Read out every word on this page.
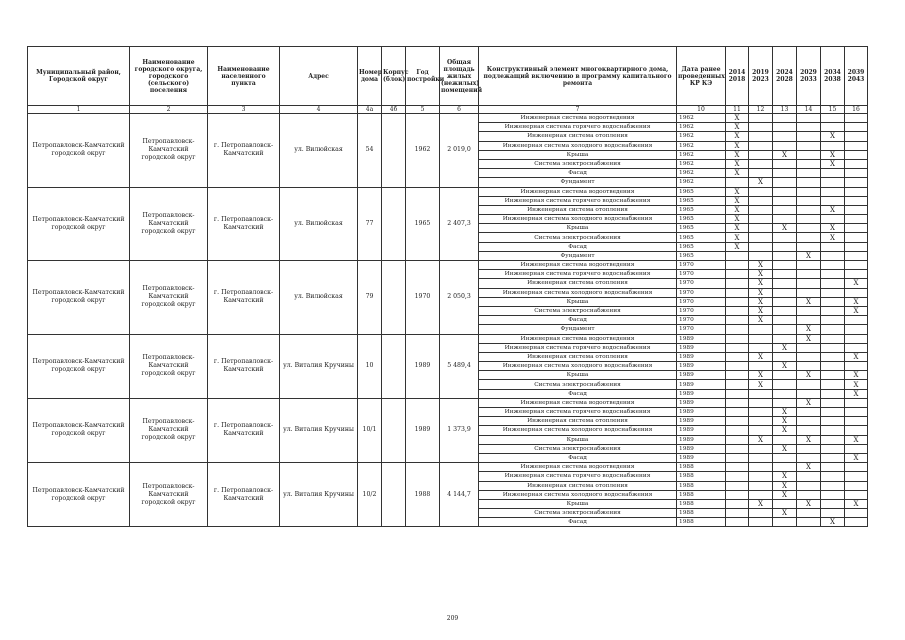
Муниципальный район, Городской округ	Наименование городского округа, городского (сельского) поселения	Наименование населенного пункта	Адрес	Номер дома	Корпус (блок)	Год постройки	Общая площадь жилых (нежилых) помещений	Конструктивный элемент многоквартирного дома, подлежащий включению в программу капитального ремонта	Дата ранее проведенных КР КЭ	2014 2018	2019 2023	2024 2028	2029 2033	2034 2038	2039 2043
1	2	3	4	4а	4б	5	6	7	10	11	12	13	14	15	16
Петропавловск-Камчатский городской округ	Петропавловск-Камчатский городской округ	г. Петропавловск-Камчатский	ул. Вилюйская	54		1962	2 019,0	Инженерная система водоотведения	1962	X					
								Инженерная система горячего водоснабжения	1962	X					
								Инженерная система отопления	1962	X				X	
								Инженерная система холодного водоснабжения	1962	X					
								Крыша	1962	X		X		X	
								Система электроснабжения	1962	X				X	
								Фасад	1962	X					
								Фундамент	1962		X				
Петропавловск-Камчатский городской округ	Петропавловск-Камчатский городской округ	г. Петропавловск-Камчатский	ул. Вилюйская	77		1965	2 407,3	Инженерная система водоотведения	1965	X					
								Инженерная система горячего водоснабжения	1965	X					
								Инженерная система отопления	1965	X				X	
								Инженерная система холодного водоснабжения	1965	X					
								Крыша	1965	X		X		X	
								Система электроснабжения	1965	X				X	
								Фасад	1965	X					
								Фундамент	1965				X		
Петропавловск-Камчатский городской округ	Петропавловск-Камчатский городской округ	г. Петропавловск-Камчатский	ул. Вилюйская	79		1970	2 050,3	Инженерная система водоотведения	1970		X				
								Инженерная система горячего водоснабжения	1970		X				
								Инженерная система отопления	1970		X				X
								Инженерная система холодного водоснабжения	1970		X				
								Крыша	1970		X		X		X
								Система электроснабжения	1970		X				X
								Фасад	1970		X				
								Фундамент	1970				X		
Петропавловск-Камчатский городской округ	Петропавловск-Камчатский городской округ	г. Петропавловск-Камчатский	ул. Виталия Кручины	10		1989	5 489,4	Инженерная система водоотведения	1989				X		
								Инженерная система горячего водоснабжения	1989			X			
								Инженерная система отопления	1989		X				X
								Инженерная система холодного водоснабжения	1989			X			
								Крыша	1989		X		X		X
								Система электроснабжения	1989		X				X
								Фасад	1989						X
Петропавловск-Камчатский городской округ	Петропавловск-Камчатский городской округ	г. Петропавловск-Камчатский	ул. Виталия Кручины	10/1		1989	1 373,9	Инженерная система водоотведения	1989				X		
								Инженерная система горячего водоснабжения	1989			X			
								Инженерная система отопления	1989			X			
								Инженерная система холодного водоснабжения	1989			X			
								Крыша	1989		X		X		X
								Система электроснабжения	1989			X			
								Фасад	1989						X
Петропавловск-Камчатский городской округ	Петропавловск-Камчатский городской округ	г. Петропавловск-Камчатский	ул. Виталия Кручины	10/2		1988	4 144,7	Инженерная система водоотведения	1988				X		
								Инженерная система горячего водоснабжения	1988			X			
								Инженерная система отопления	1988			X			
								Инженерная система холодного водоснабжения	1988			X			
								Крыша	1988		X		X		X
								Система электроснабжения	1988			X			
								Фасад	1988					X	
209
